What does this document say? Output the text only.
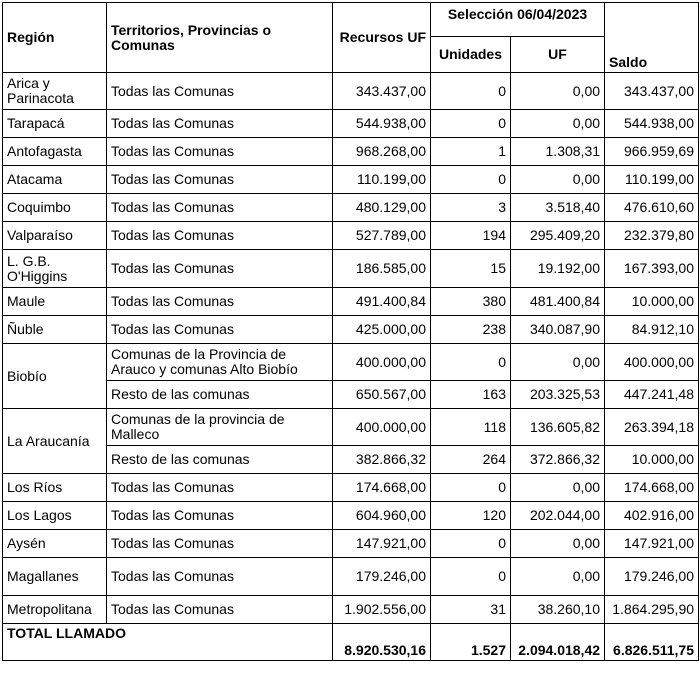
Región	Territorios, Provincias o Comunas	Recursos UF	Selección 06/04/2023		Saldo
			Unidades	UF	
Arica y Parinacota	Todas las Comunas	343.437,00	0	0,00	343.437,00
Tarapacá	Todas las Comunas	544.938,00	0	0,00	544.938,00
Antofagasta	Todas las Comunas	968.268,00	1	1.308,31	966.959,69
Atacama	Todas las Comunas	110.199,00	0	0,00	110.199,00
Coquimbo	Todas las Comunas	480.129,00	3	3.518,40	476.610,60
Valparaíso	Todas las Comunas	527.789,00	194	295.409,20	232.379,80
L. G.B. O'Higgins	Todas las Comunas	186.585,00	15	19.192,00	167.393,00
Maule	Todas las Comunas	491.400,84	380	481.400,84	10.000,00
Ñuble	Todas las Comunas	425.000,00	238	340.087,90	84.912,10
Biobío	Comunas de la Provincia de Arauco y comunas Alto Biobío	400.000,00	0	0,00	400.000,00
	Resto de las comunas	650.567,00	163	203.325,53	447.241,48
La Araucanía	Comunas de la provincia de Malleco	400.000,00	118	136.605,82	263.394,18
	Resto de las comunas	382.866,32	264	372.866,32	10.000,00
Los Ríos	Todas las Comunas	174.668,00	0	0,00	174.668,00
Los Lagos	Todas las Comunas	604.960,00	120	202.044,00	402.916,00
Aysén	Todas las Comunas	147.921,00	0	0,00	147.921,00
Magallanes	Todas las Comunas	179.246,00	0	0,00	179.246,00
Metropolitana	Todas las Comunas	1.902.556,00	31	38.260,10	1.864.295,90
TOTAL LLAMADO		8.920.530,16	1.527	2.094.018,42	6.826.511,75
